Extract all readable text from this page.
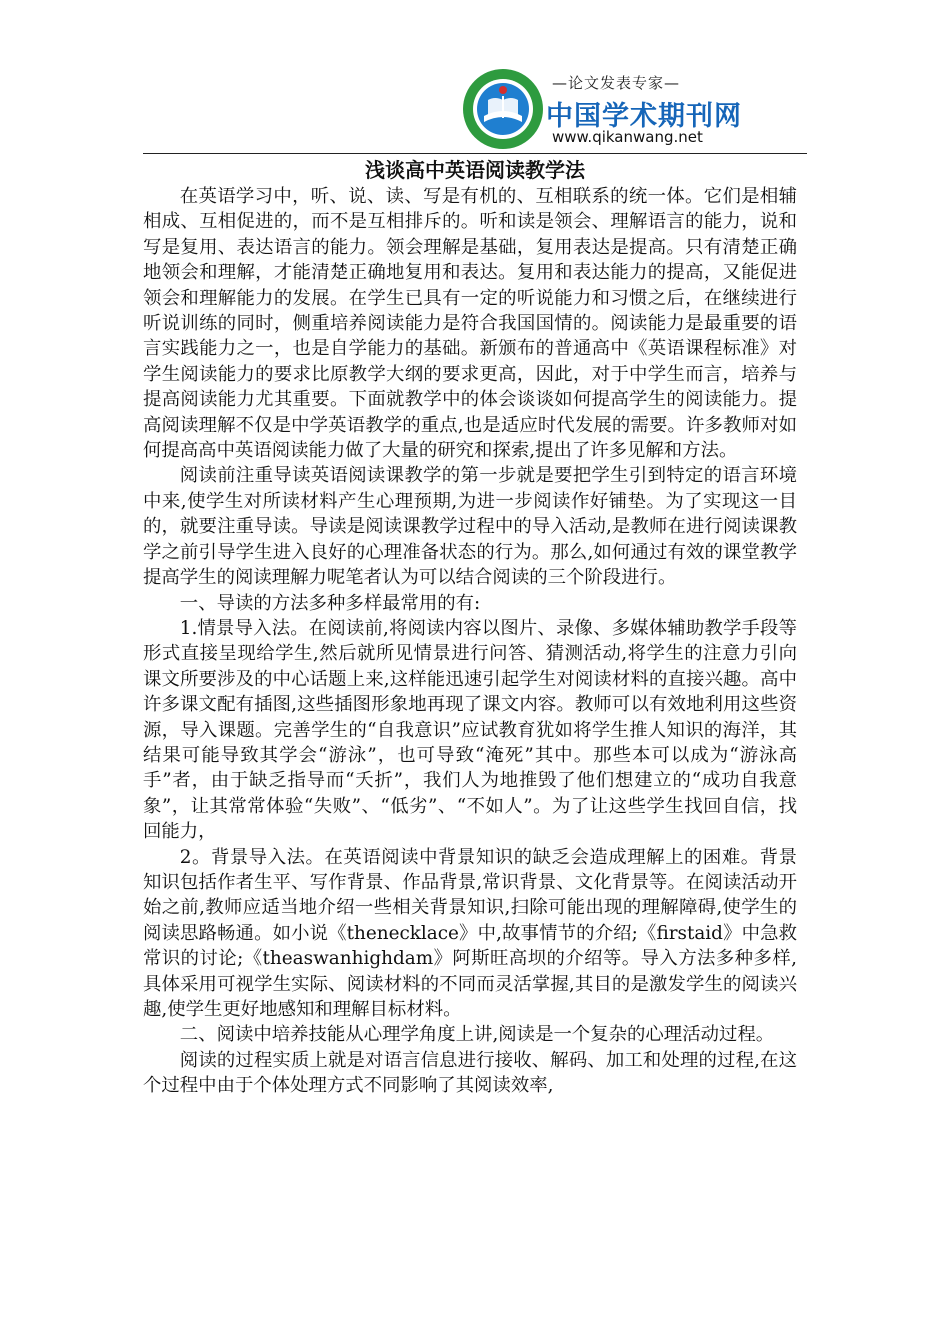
—论文发表专家—
中国学术期刊网
www.qikanwang.net
浅谈高中英语阅读教学法

在英语学习中，听、说、读、写是有机的、互相联系的统一体。它们是相辅相成、互相促进的，而不是互相排斥的。听和读是领会、理解语言的能力，说和写是复用、表达语言的能力。领会理解是基础，复用表达是提高。只有清楚正确地领会和理解，才能清楚正确地复用和表达。复用和表达能力的提高，又能促进领会和理解能力的发展。在学生已具有一定的听说能力和习惯之后，在继续进行听说训练的同时，侧重培养阅读能力是符合我国国情的。阅读能力是最重要的语言实践能力之一，也是自学能力的基础。新颁布的普通高中《英语课程标准》对学生阅读能力的要求比原教学大纲的要求更高，因此，对于中学生而言，培养与提高阅读能力尤其重要。下面就教学中的体会谈谈如何提高学生的阅读能力。提高阅读理解不仅是中学英语教学的重点,也是适应时代发展的需要。许多教师对如何提高高中英语阅读能力做了大量的研究和探索,提出了许多见解和方法。

阅读前注重导读英语阅读课教学的第一步就是要把学生引到特定的语言环境中来,使学生对所读材料产生心理预期,为进一步阅读作好铺垫。为了实现这一目的，就要注重导读。导读是阅读课教学过程中的导入活动,是教师在进行阅读课教学之前引导学生进入良好的心理准备状态的行为。那么,如何通过有效的课堂教学提高学生的阅读理解力呢笔者认为可以结合阅读的三个阶段进行。

一、导读的方法多种多样最常用的有:

1.情景导入法。在阅读前,将阅读内容以图片、录像、多媒体辅助教学手段等形式直接呈现给学生,然后就所见情景进行问答、猜测活动,将学生的注意力引向课文所要涉及的中心话题上来,这样能迅速引起学生对阅读材料的直接兴趣。高中许多课文配有插图,这些插图形象地再现了课文内容。教师可以有效地利用这些资源，导入课题。完善学生的“自我意识”应试教育犹如将学生推人知识的海洋，其结果可能导致其学会“游泳”，也可导致“淹死”其中。那些本可以成为“游泳高手”者，由于缺乏指导而“夭折”，我们人为地推毁了他们想建立的“成功自我意象”，让其常常体验“失败”、“低劣”、“不如人”。为了让这些学生找回自信，找回能力，

2。背景导入法。在英语阅读中背景知识的缺乏会造成理解上的困难。背景知识包括作者生平、写作背景、作品背景,常识背景、文化背景等。在阅读活动开始之前,教师应适当地介绍一些相关背景知识,扫除可能出现的理解障碍,使学生的阅读思路畅通。如小说《thenecklace》中,故事情节的介绍;《firstaid》中急救常识的讨论;《theaswanhighdam》阿斯旺高坝的介绍等。导入方法多种多样,具体采用可视学生实际、阅读材料的不同而灵活掌握,其目的是激发学生的阅读兴趣,使学生更好地感知和理解目标材料。

二、阅读中培养技能从心理学角度上讲,阅读是一个复杂的心理活动过程。

阅读的过程实质上就是对语言信息进行接收、解码、加工和处理的过程,在这个过程中由于个体处理方式不同影响了其阅读效率,
